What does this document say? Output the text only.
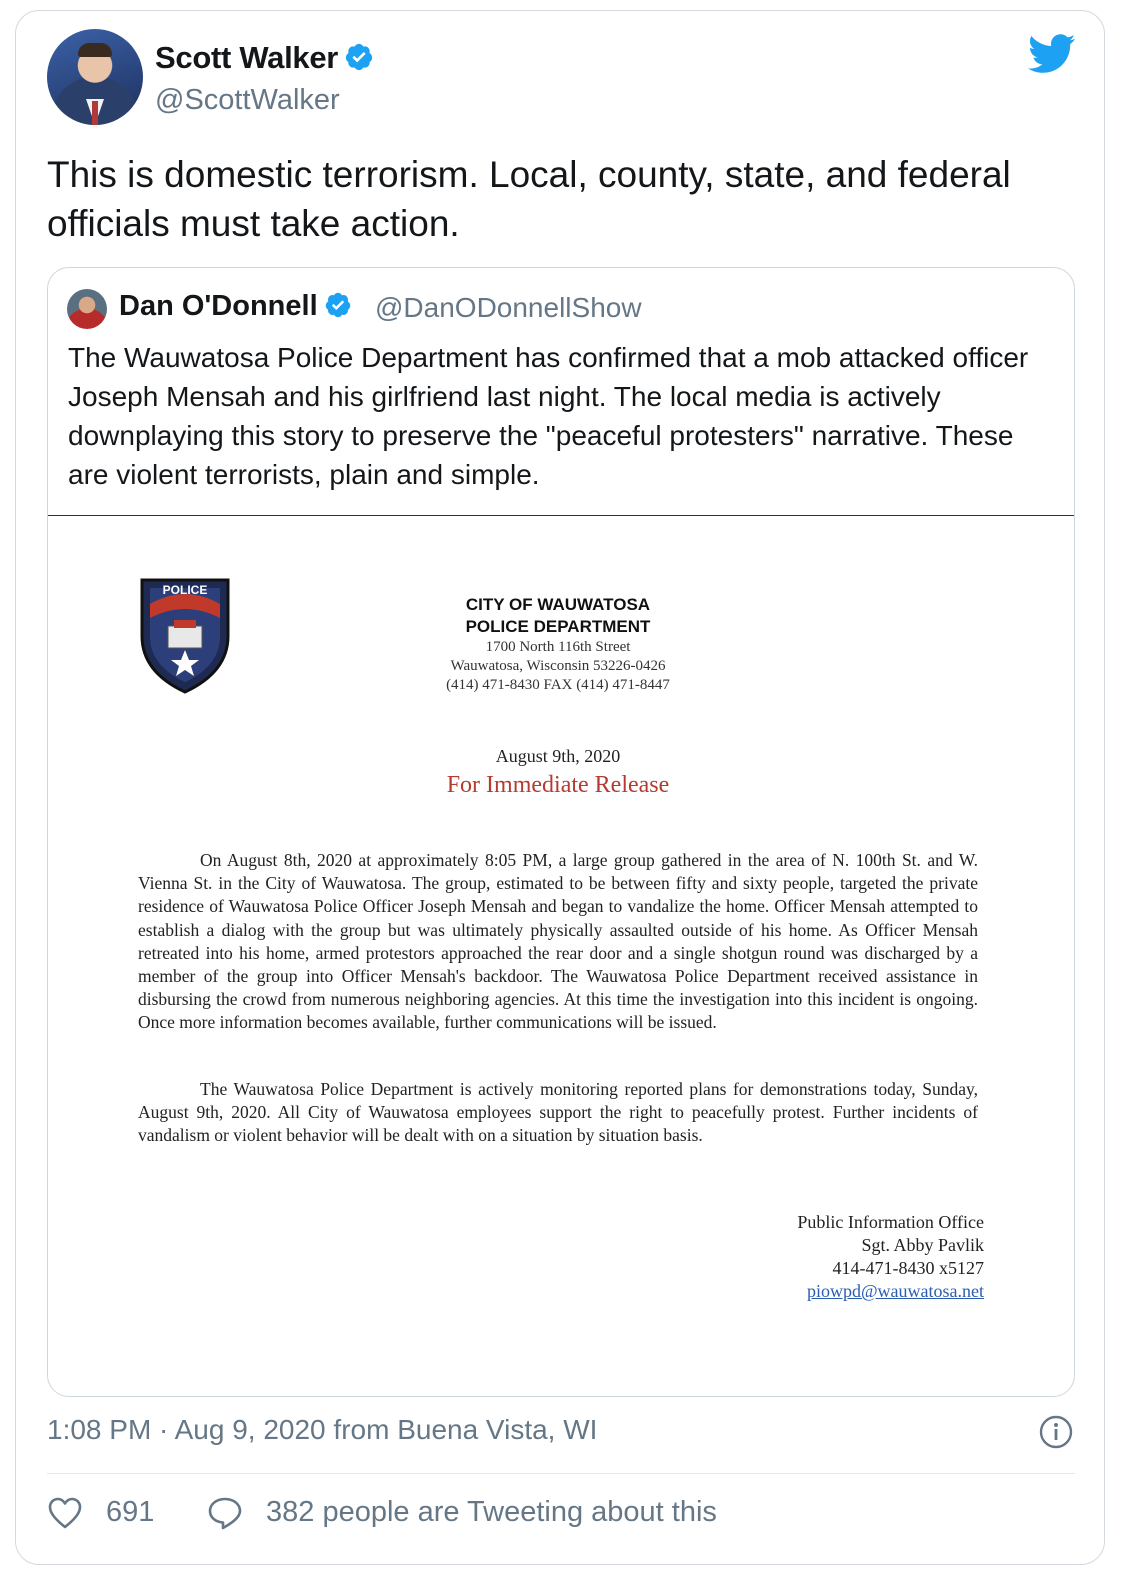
Scott Walker
@ScottWalker
This is domestic terrorism. Local, county, state, and federal officials must take action.
Dan O'Donnell	@DanODonnellShow
The Wauwatosa Police Department has confirmed that a mob attacked officer Joseph Mensah and his girlfriend last night. The local media is actively downplaying this story to preserve the "peaceful protesters" narrative. These are violent terrorists, plain and simple.
POLICE
CITY OF WAUWATOSA
POLICE DEPARTMENT
1700 North 116th Street
Wauwatosa, Wisconsin 53226-0426
(414) 471-8430 FAX (414) 471-8447
August 9th, 2020
For Immediate Release
On August 8th, 2020 at approximately 8:05 PM, a large group gathered in the area of N. 100th St. and W. Vienna St. in the City of Wauwatosa. The group, estimated to be between fifty and sixty people, targeted the private residence of Wauwatosa Police Officer Joseph Mensah and began to vandalize the home. Officer Mensah attempted to establish a dialog with the group but was ultimately physically assaulted outside of his home. As Officer Mensah retreated into his home, armed protestors approached the rear door and a single shotgun round was discharged by a member of the group into Officer Mensah's backdoor. The Wauwatosa Police Department received assistance in disbursing the crowd from numerous neighboring agencies. At this time the investigation into this incident is ongoing. Once more information becomes available, further communications will be issued.
The Wauwatosa Police Department is actively monitoring reported plans for demonstrations today, Sunday, August 9th, 2020. All City of Wauwatosa employees support the right to peacefully protest. Further incidents of vandalism or violent behavior will be dealt with on a situation by situation basis.
Public Information Office
Sgt. Abby Pavlik
414-471-8430 x5127
piowpd@wauwatosa.net
1:08 PM · Aug 9, 2020 from Buena Vista, WI
691	382 people are Tweeting about this
